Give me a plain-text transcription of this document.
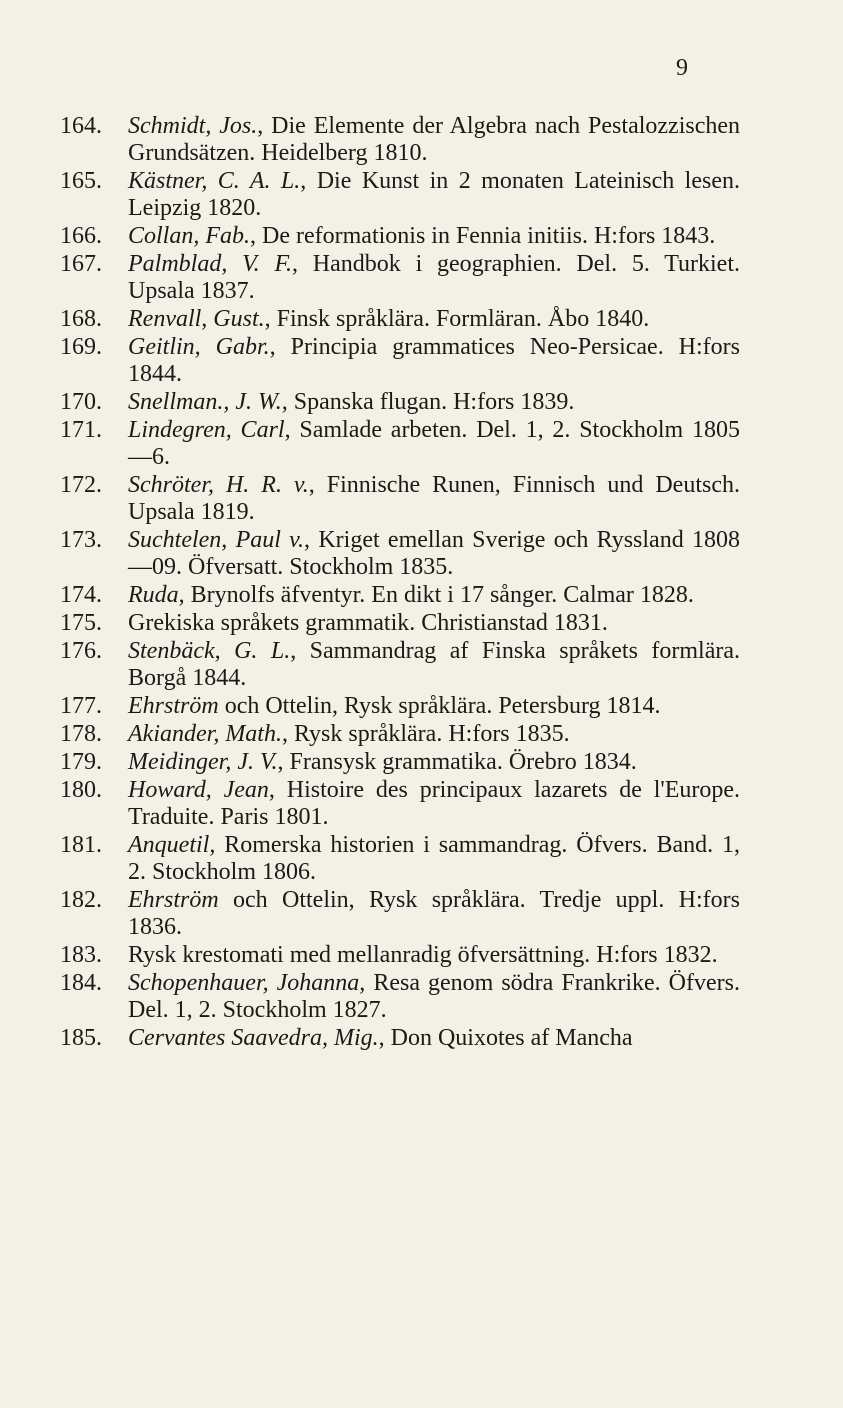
9
164.	Schmidt, Jos., Die Elemente der Algebra nach Pestalozzischen Grundsätzen. Heidelberg 1810.
165.	Kästner, C. A. L., Die Kunst in 2 monaten Lateinisch lesen. Leipzig 1820.
166.	Collan, Fab., De reformationis in Fennia initiis. H:fors 1843.
167.	Palmblad, V. F., Handbok i geographien. Del. 5. Turkiet. Upsala 1837.
168.	Renvall, Gust., Finsk språklära. Formläran. Åbo 1840.
169.	Geitlin, Gabr., Principia grammatices Neo-Persicae. H:fors 1844.
170.	Snellman., J. W., Spanska flugan. H:fors 1839.
171.	Lindegren, Carl, Samlade arbeten. Del. 1, 2. Stockholm 1805—6.
172.	Schröter, H. R. v., Finnische Runen, Finnisch und Deutsch. Upsala 1819.
173.	Suchtelen, Paul v., Kriget emellan Sverige och Ryssland 1808—09. Öfversatt. Stockholm 1835.
174.	Ruda, Brynolfs äfventyr. En dikt i 17 sånger. Calmar 1828.
175.	Grekiska språkets grammatik. Christianstad 1831.
176.	Stenbäck, G. L., Sammandrag af Finska språkets formlära. Borgå 1844.
177.	Ehrström och Ottelin, Rysk språklära. Petersburg 1814.
178.	Akiander, Math., Rysk språklära. H:fors 1835.
179.	Meidinger, J. V., Fransysk grammatika. Örebro 1834.
180.	Howard, Jean, Histoire des principaux lazarets de l'Europe. Traduite. Paris 1801.
181.	Anquetil, Romerska historien i sammandrag. Öfvers. Band. 1, 2. Stockholm 1806.
182.	Ehrström och Ottelin, Rysk språklära. Tredje uppl. H:fors 1836.
183.	Rysk krestomati med mellanradig öfversättning. H:fors 1832.
184.	Schopenhauer, Johanna, Resa genom södra Frankrike. Öfvers. Del. 1, 2. Stockholm 1827.
185.	Cervantes Saavedra, Mig., Don Quixotes af Mancha
